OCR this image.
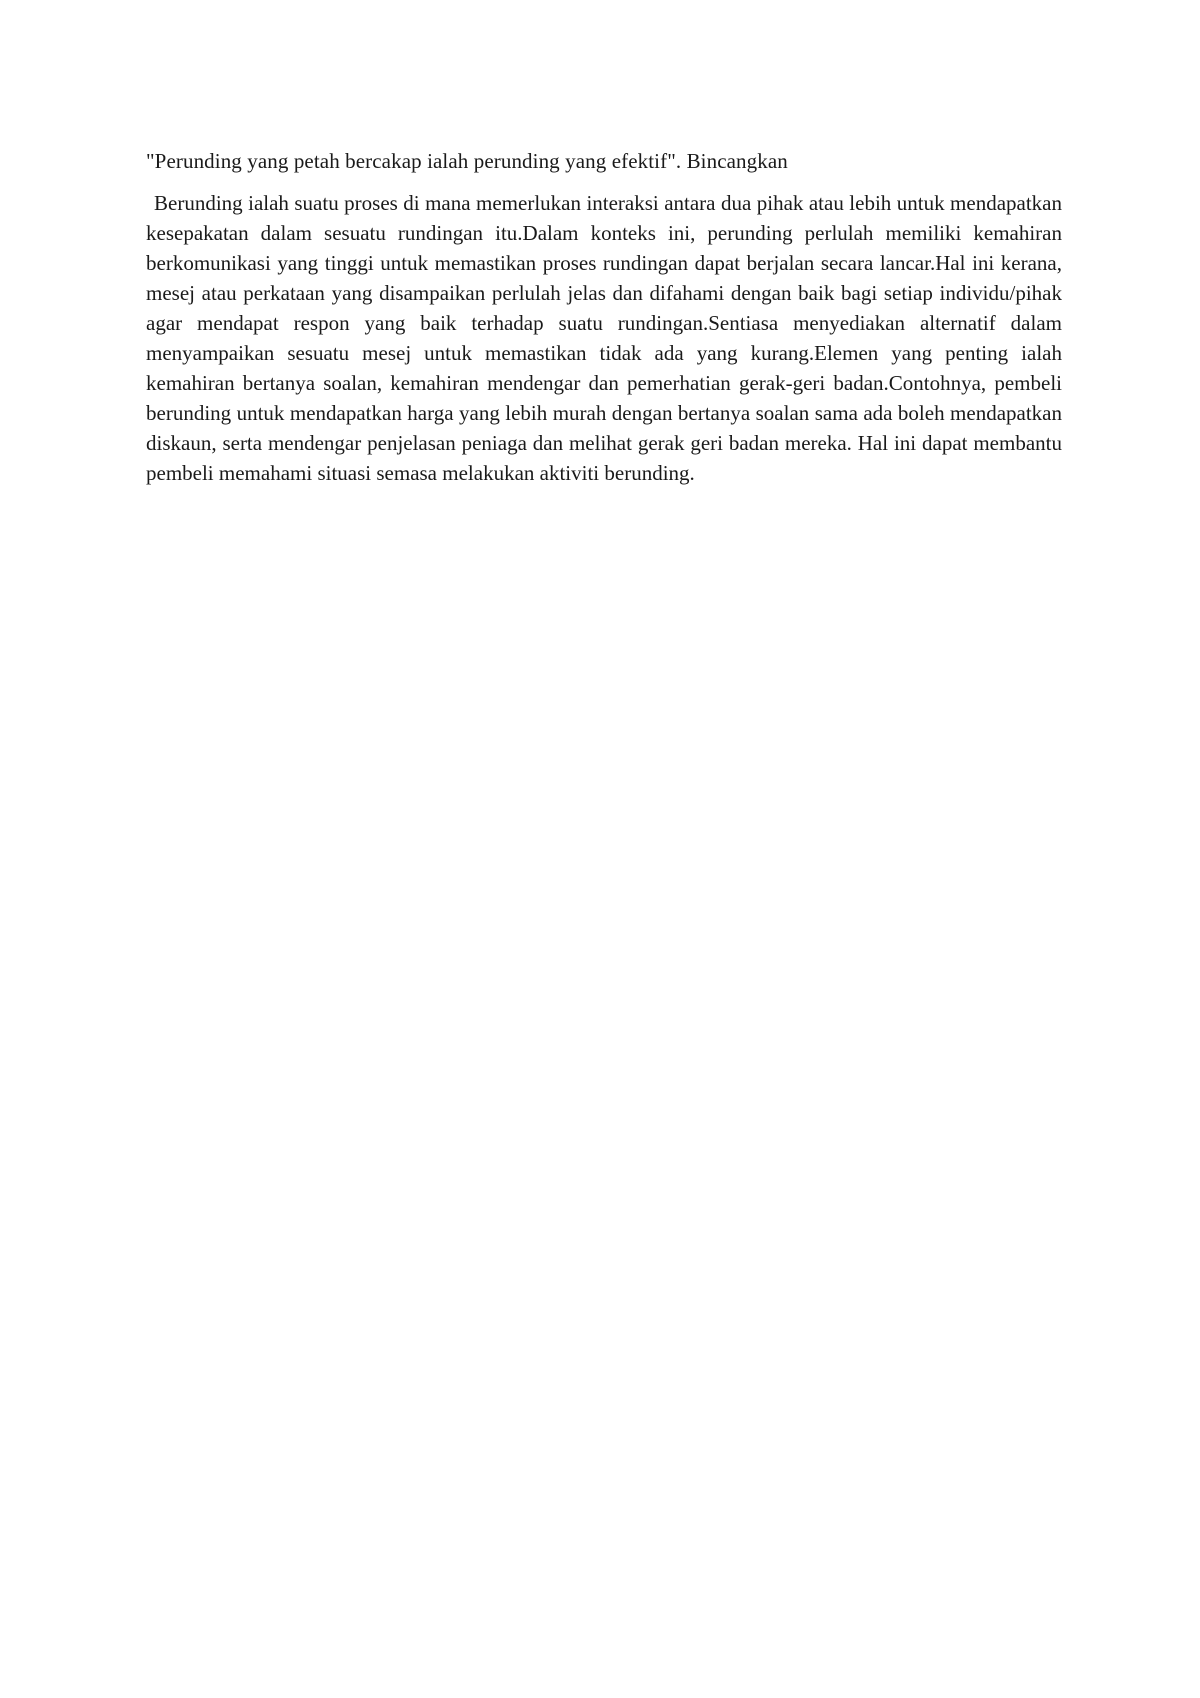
"Perunding yang petah bercakap ialah perunding yang efektif". Bincangkan

Berunding ialah suatu proses di mana memerlukan interaksi antara dua pihak atau lebih untuk mendapatkan kesepakatan dalam sesuatu rundingan itu.Dalam konteks ini, perunding perlulah memiliki kemahiran berkomunikasi yang tinggi untuk memastikan proses rundingan dapat berjalan secara lancar.Hal ini kerana, mesej atau perkataan yang disampaikan perlulah jelas dan difahami dengan baik bagi setiap individu/pihak agar mendapat respon yang baik terhadap suatu rundingan.Sentiasa menyediakan alternatif dalam menyampaikan sesuatu mesej untuk memastikan tidak ada yang kurang.Elemen yang penting ialah kemahiran bertanya soalan, kemahiran mendengar dan pemerhatian gerak-geri badan.Contohnya, pembeli berunding untuk mendapatkan harga yang lebih murah dengan bertanya soalan sama ada boleh mendapatkan diskaun, serta mendengar penjelasan peniaga dan melihat gerak geri badan mereka. Hal ini dapat membantu pembeli memahami situasi semasa melakukan aktiviti berunding.
